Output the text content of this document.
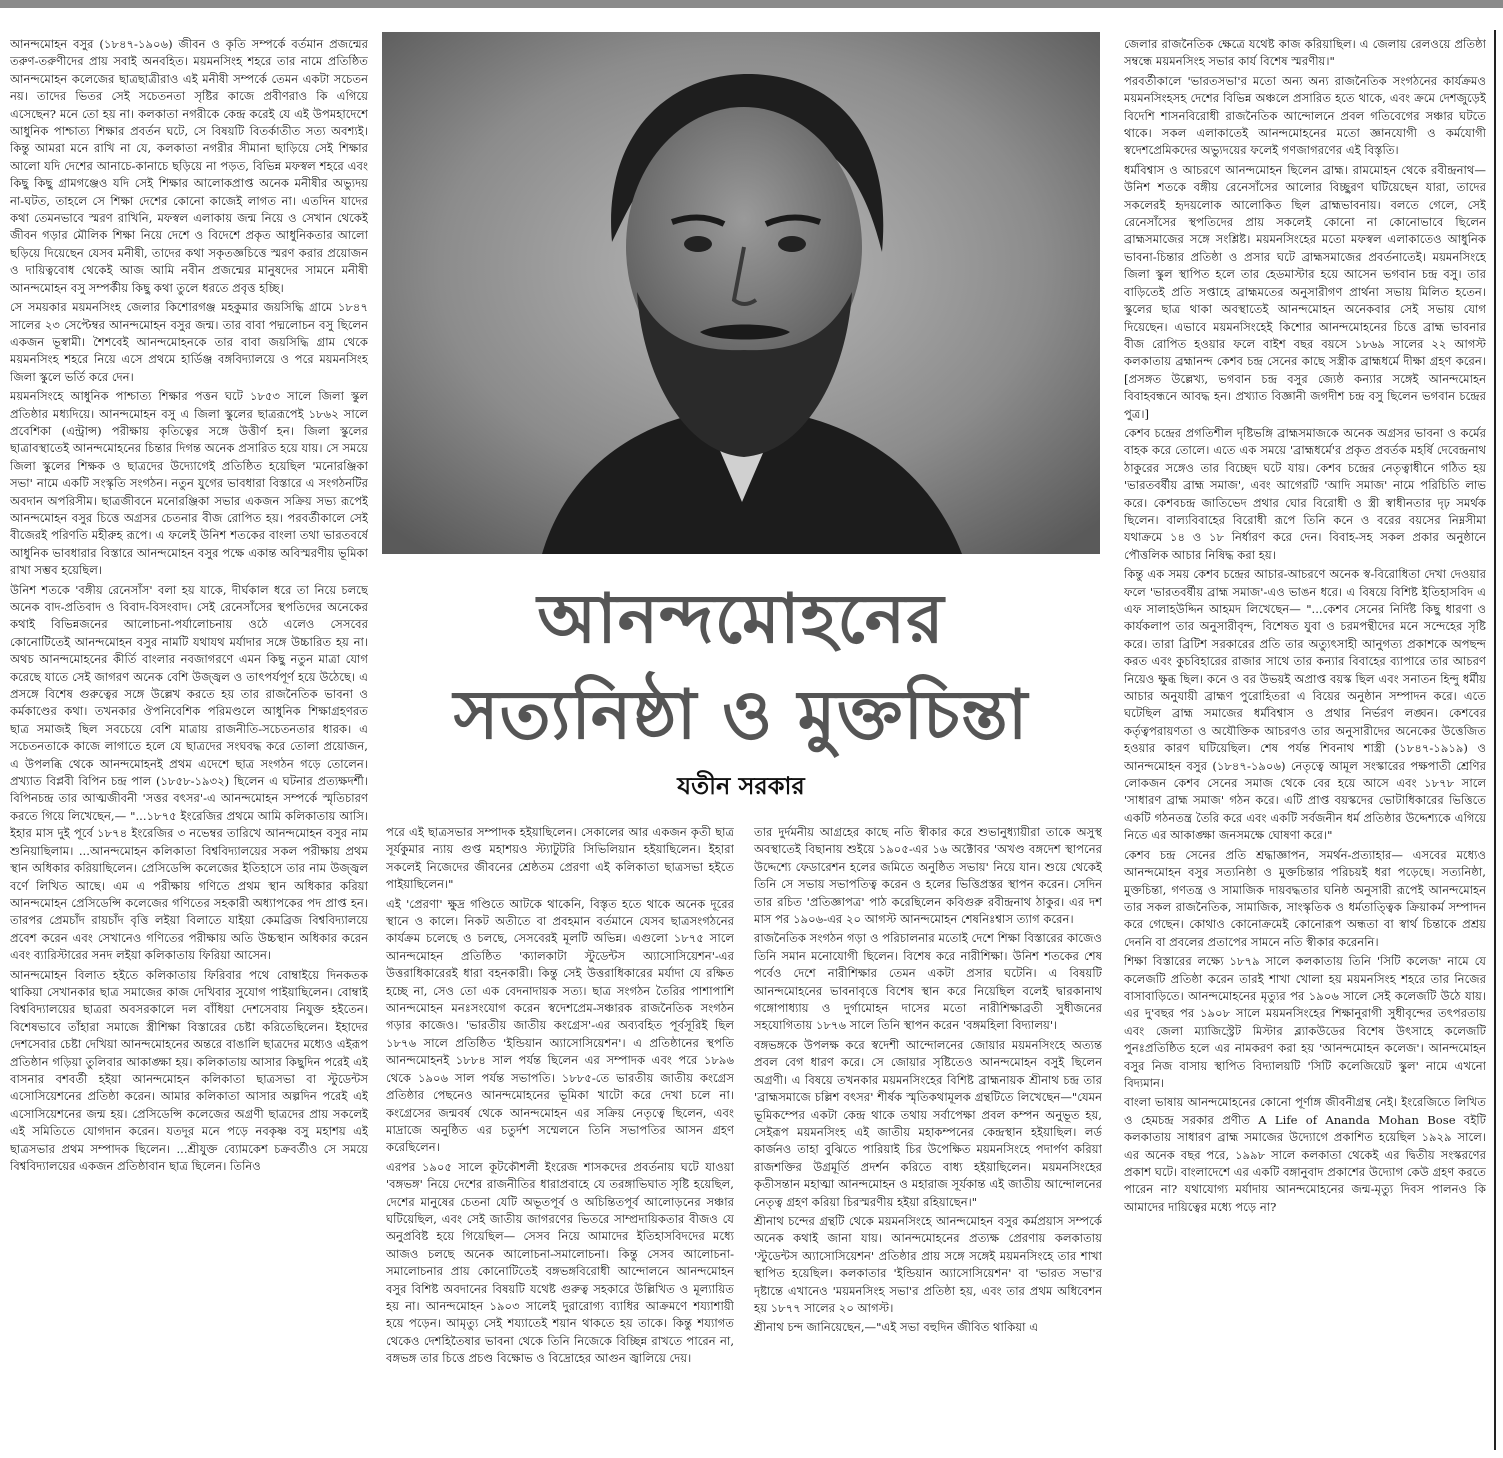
আনন্দমোহন বসুর (১৮৪৭-১৯০৬) জীবন ও কৃতি সম্পর্কে বর্তমান প্রজন্মের তরুণ-তরুণীদের প্রায় সবাই অনবহিত। ময়মনসিংহ শহরে তার নামে প্রতিষ্ঠিত আনন্দমোহন কলেজের ছাত্রছাত্রীরাও এই মনীষী সম্পর্কে তেমন একটা সচেতন নয়। তাদের ভিতর সেই সচেতনতা সৃষ্টির কাজে প্রবীণরাও কি এগিয়ে এসেছেন? মনে তো হয় না। কলকাতা নগরীকে কেন্দ্র করেই যে এই উপমহাদেশে আধুনিক পাশ্চাত্য শিক্ষার প্রবর্তন ঘটে, সে বিষয়টি বিতর্কাতীত সত্য অবশ্যই। কিন্তু আমরা মনে রাখি না যে, কলকাতা নগরীর সীমানা ছাড়িয়ে সেই শিক্ষার আলো যদি দেশের আনাচে-কানাচে ছড়িয়ে না পড়ত, বিভিন্ন মফস্বল শহরে এবং কিছু কিছু গ্রামগঞ্জেও যদি সেই শিক্ষার আলোকপ্রাপ্ত অনেক মনীষীর অভ্যুদয় না-ঘটত, তাহলে সে শিক্ষা দেশের কোনো কাজেই লাগত না। এতদিন যাদের কথা তেমনভাবে স্মরণ রাখিনি, মফস্বল এলাকায় জন্ম নিয়ে ও সেখান থেকেই জীবন গড়ার মৌলিক শিক্ষা নিয়ে দেশে ও বিদেশে প্রকৃত আধুনিকতার আলো ছড়িয়ে দিয়েছেন যেসব মনীষী, তাদের কথা সকৃতজ্ঞচিত্তে স্মরণ করার প্রয়োজন ও দায়িত্ববোধ থেকেই আজ আমি নবীন প্রজন্মের মানুষদের সামনে মনীষী আনন্দমোহন বসু সম্পর্কীয় কিছু কথা তুলে ধরতে প্রবৃত্ত হচ্ছি।

সে সময়কার ময়মনসিংহ জেলার কিশোরগঞ্জ মহকুমার জয়সিদ্ধি গ্রামে ১৮৪৭ সালের ২৩ সেপ্টেম্বর আনন্দমোহন বসুর জন্ম। তার বাবা পদ্মলোচন বসু ছিলেন একজন ভূস্বামী। শৈশবেই আনন্দমোহনকে তার বাবা জয়সিদ্ধি গ্রাম থেকে ময়মনসিংহ শহরে নিয়ে এসে প্রথমে হার্ডিঞ্জ বঙ্গবিদ্যালয়ে ও পরে ময়মনসিংহ জিলা স্কুলে ভর্তি করে দেন।

ময়মনসিংহে আধুনিক পাশ্চাত্য শিক্ষার পত্তন ঘটে ১৮৫৩ সালে জিলা স্কুল প্রতিষ্ঠার মধ্যদিয়ে। আনন্দমোহন বসু এ জিলা স্কুলের ছাত্ররূপেই ১৮৬২ সালে প্রবেশিকা (এন্ট্রান্স) পরীক্ষায় কৃতিত্বের সঙ্গে উত্তীর্ণ হন। জিলা স্কুলের ছাত্রাবস্থাতেই আনন্দমোহনের চিন্তার দিগন্ত অনেক প্রসারিত হয়ে যায়। সে সময়ে জিলা স্কুলের শিক্ষক ও ছাত্রদের উদ্যোগেই প্রতিষ্ঠিত হয়েছিল 'মনোরঞ্জিকা সভা' নামে একটি সংস্কৃতি সংগঠন। নতুন যুগের ভাবধারা বিস্তারে এ সংগঠনটির অবদান অপরিসীম। ছাত্রজীবনে মনোরঞ্জিকা সভার একজন সক্রিয় সভ্য রূপেই আনন্দমোহন বসুর চিত্তে অগ্রসর চেতনার বীজ রোপিত হয়। পরবর্তীকালে সেই বীজেরই পরিণতি মহীরুহ রূপে। এ ফলেই উনিশ শতকের বাংলা তথা ভারতবর্ষে আধুনিক ভাবধারার বিস্তারে আনন্দমোহন বসুর পক্ষে একান্ত অবিস্মরণীয় ভূমিকা রাখা সম্ভব হয়েছিল।

উনিশ শতকে 'বঙ্গীয় রেনেসাঁস' বলা হয় যাকে, দীর্ঘকাল ধরে তা নিয়ে চলছে অনেক বাদ-প্রতিবাদ ও বিবাদ-বিসংবাদ। সেই রেনেসাঁসের স্থপতিদের অনেকের কথাই বিভিন্নজনের আলোচনা-পর্যালোচনায় ওঠে এলেও সেসবের কোনোটিতেই আনন্দমোহন বসুর নামটি যথাযথ মর্যাদার সঙ্গে উচ্চারিত হয় না। অথচ আনন্দমোহনের কীর্তি বাংলার নবজাগরণে এমন কিছু নতুন মাত্রা যোগ করেছে যাতে সেই জাগরণ অনেক বেশি উজ্জ্বল ও তাৎপর্যপূর্ণ হয়ে উঠেছে। এ প্রসঙ্গে বিশেষ গুরুত্বের সঙ্গে উল্লেখ করতে হয় তার রাজনৈতিক ভাবনা ও কর্মকাণ্ডের কথা। তখনকার ঔপনিবেশিক পরিমণ্ডলে আধুনিক শিক্ষাগ্রহণরত ছাত্র সমাজই ছিল সবচেয়ে বেশি মাত্রায় রাজনীতি-সচেতনতার ধারক। এ সচেতনতাকে কাজে লাগাতে হলে যে ছাত্রদের সংঘবদ্ধ করে তোলা প্রয়োজন, এ উপলব্ধি থেকে আনন্দমোহনই প্রথম এদেশে ছাত্র সংগঠন গড়ে তোলেন। প্রখ্যাত বিপ্লবী বিপিন চন্দ্র পাল (১৮৫৮-১৯৩২) ছিলেন এ ঘটনার প্রত্যক্ষদর্শী। বিপিনচন্দ্র তার আত্মজীবনী 'সত্তর বৎসর'-এ আনন্দমোহন সম্পর্কে স্মৃতিচারণ করতে গিয়ে লিখেছেন,— "...১৮৭৫ ইংরেজির প্রথমে আমি কলিকাতায় আসি। ইহার মাস দুই পূর্বে ১৮৭৪ ইংরেজির ৩ নভেম্বর তারিখে আনন্দমোহন বসুর নাম শুনিয়াছিলাম। ...আনন্দমোহন কলিকাতা বিশ্ববিদ্যালয়ের সকল পরীক্ষায় প্রথম স্থান অধিকার করিয়াছিলেন। প্রেসিডেন্সি কলেজের ইতিহাসে তার নাম উজ্জ্বল বর্ণে লিখিত আছে। এম এ পরীক্ষায় গণিতে প্রথম স্থান অধিকার করিয়া আনন্দমোহন প্রেসিডেন্সি কলেজের গণিতের সহকারী অধ্যাপকের পদ প্রাপ্ত হন। তারপর প্রেমচাঁদ রায়চাঁদ বৃত্তি লইয়া বিলাতে যাইয়া কেমব্রিজ বিশ্ববিদ্যালয়ে প্রবেশ করেন এবং সেখানেও গণিতের পরীক্ষায় অতি উচ্চস্থান অধিকার করেন এবং ব্যারিস্টারের সনদ লইয়া কলিকাতায় ফিরিয়া আসেন।

আনন্দমোহন বিলাত হইতে কলিকাতায় ফিরিবার পথে বোম্বাইয়ে দিনকতক থাকিয়া সেখানকার ছাত্র সমাজের কাজ দেখিবার সুযোগ পাইয়াছিলেন। বোম্বাই বিশ্ববিদ্যালয়ের ছাত্ররা অবসরকালে দল বাঁধিয়া দেশসেবায় নিযুক্ত হইতেন। বিশেষভাবে তাঁহারা সমাজে স্ত্রীশিক্ষা বিস্তারের চেষ্টা করিতেছিলেন। ইহাদের দেশসেবার চেষ্টা দেখিয়া আনন্দমোহনের অন্তরে বাঙালি ছাত্রদের মধ্যেও এইরূপ প্রতিষ্ঠান গড়িয়া তুলিবার আকাঙ্ক্ষা হয়। কলিকাতায় আসার কিছুদিন পরেই এই বাসনার বশবর্তী হইয়া আনন্দমোহন কলিকাতা ছাত্রসভা বা স্টুডেন্টস এসোসিয়েশনের প্রতিষ্ঠা করেন। আমার কলিকাতা আসার অল্পদিন পরেই এই এসোসিয়েশনের জন্ম হয়। প্রেসিডেন্সি কলেজের অগ্রণী ছাত্রদের প্রায় সকলেই এই সমিতিতে যোগদান করেন। যতদূর মনে পড়ে নবকৃষ্ণ বসু মহাশয় এই ছাত্রসভার প্রথম সম্পাদক ছিলেন। ...শ্রীযুক্ত ব্যোমকেশ চক্রবর্তীও সে সময়ে বিশ্ববিদ্যালয়ের একজন প্রতিষ্ঠাবান ছাত্র ছিলেন। তিনিও

আনন্দমোহনের
সত্যনিষ্ঠা ও মুক্তচিন্তা
যতীন সরকার

পরে এই ছাত্রসভার সম্পাদক হইয়াছিলেন। সেকালের আর একজন কৃতী ছাত্র সূর্যকুমার ন্যায় গুপ্ত মহাশয়ও স্ট্যাটুটরি সিভিলিয়ান হইয়াছিলেন। ইহারা সকলেই নিজেদের জীবনের শ্রেষ্ঠতম প্রেরণা এই কলিকাতা ছাত্রসভা হইতে পাইয়াছিলেন।"

এই 'প্রেরণা' ক্ষুদ্র গণ্ডিতে আটকে থাকেনি, বিস্তৃত হতে থাকে অনেক দূরের স্থানে ও কালে। নিকট অতীতে বা প্রবহমান বর্তমানে যেসব ছাত্রসংগঠনের কার্যক্রম চলেছে ও চলছে, সেসবেরই মূলটি অভিন্ন। এগুলো ১৮৭৫ সালে আনন্দমোহন প্রতিষ্ঠিত 'ক্যালকাটা স্টুডেন্টস অ্যাসোসিয়েশন'-এর উত্তরাধিকারেরই ধারা বহনকারী। কিন্তু সেই উত্তরাধিকারের মর্যাদা যে রক্ষিত হচ্ছে না, সেও তো এক বেদনাদায়ক সত্য। ছাত্র সংগঠন তৈরির পাশাপাশি আনন্দমোহন মনঃসংযোগ করেন স্বদেশপ্রেম-সঞ্চারক রাজনৈতিক সংগঠন গড়ার কাজেও। 'ভারতীয় জাতীয় কংগ্রেস'-এর অব্যবহিত পূর্বসূরিই ছিল ১৮৭৬ সালে প্রতিষ্ঠিত 'ইন্ডিয়ান অ্যাসোসিয়েশন'। এ প্রতিষ্ঠানের স্থপতি আনন্দমোহনই ১৮৮৪ সাল পর্যন্ত ছিলেন এর সম্পাদক এবং পরে ১৮৯৬ থেকে ১৯০৬ সাল পর্যন্ত সভাপতি। ১৮৮৫-তে ভারতীয় জাতীয় কংগ্রেস প্রতিষ্ঠার পেছনেও আনন্দমোহনের ভূমিকা খাটো করে দেখা চলে না। কংগ্রেসের জন্মবর্ষ থেকে আনন্দমোহন এর সক্রিয় নেতৃত্বে ছিলেন, এবং মাদ্রাজে অনুষ্ঠিত এর চতুর্দশ সম্মেলনে তিনি সভাপতির আসন গ্রহণ করেছিলেন।

এরপর ১৯০৫ সালে কূটকৌশলী ইংরেজ শাসকদের প্রবর্তনায় ঘটে যাওয়া 'বঙ্গভঙ্গ' নিয়ে দেশের রাজনীতির ধারাপ্রবাহে যে তরঙ্গাভিঘাত সৃষ্টি হয়েছিল, দেশের মানুষের চেতনা যেটি অভূতপূর্ব ও অচিন্তিতপূর্ব আলোড়নের সঞ্চার ঘটিয়েছিল, এবং সেই জাতীয় জাগরণের ভিতরে সাম্প্রদায়িকতার বীজও যে অনুপ্রবিষ্ট হয়ে গিয়েছিল— সেসব নিয়ে আমাদের ইতিহাসবিদদের মধ্যে আজও চলছে অনেক আলোচনা-সমালোচনা। কিন্তু সেসব আলোচনা-সমালোচনার প্রায় কোনোটিতেই বঙ্গভঙ্গবিরোধী আন্দোলনে আনন্দমোহন বসুর বিশিষ্ট অবদানের বিষয়টি যথেষ্ট গুরুত্ব সহকারে উল্লিখিত ও মূল্যায়িত হয় না। আনন্দমোহন ১৯০৩ সালেই দুরারোগ্য ব্যাধির আক্রমণে শয্যাশায়ী হয়ে পড়েন। আমৃত্যু সেই শয্যাতেই শয়ান থাকতে হয় তাকে। কিন্তু শয্যাগত থেকেও দেশহিতৈষার ভাবনা থেকে তিনি নিজেকে বিচ্ছিন্ন রাখতে পারেন না, বঙ্গভঙ্গ তার চিত্তে প্রচণ্ড বিক্ষোভ ও বিদ্রোহের আগুন জ্বালিয়ে দেয়।

তার দুর্দমনীয় আগ্রহের কাছে নতি স্বীকার করে শুভানুধ্যায়ীরা তাকে অসুস্থ অবস্থাতেই বিছানায় শুইয়ে ১৯০৫-এর ১৬ অক্টোবর 'অখণ্ড বঙ্গদেশ স্থাপনের উদ্দেশ্যে ফেডারেশন হলের জমিতে অনুষ্ঠিত সভায়' নিয়ে যান। শুয়ে থেকেই তিনি সে সভায় সভাপতিত্ব করেন ও হলের ভিত্তিপ্রস্তর স্থাপন করেন। সেদিন তার রচিত 'প্রতিজ্ঞাপত্র' পাঠ করেছিলেন কবিগুরু রবীন্দ্রনাথ ঠাকুর। এর দশ মাস পর ১৯০৬-এর ২০ আগস্ট আনন্দমোহন শেষনিঃশ্বাস ত্যাগ করেন।

রাজনৈতিক সংগঠন গড়া ও পরিচালনার মতোই দেশে শিক্ষা বিস্তারের কাজেও তিনি সমান মনোযোগী ছিলেন। বিশেষ করে নারীশিক্ষা। উনিশ শতকের শেষ পর্বেও দেশে নারীশিক্ষার তেমন একটা প্রসার ঘটেনি। এ বিষয়টি আনন্দমোহনের ভাবনাবৃত্তে বিশেষ স্থান করে নিয়েছিল বলেই দ্বারকানাথ গঙ্গোপাধ্যায় ও দুর্গামোহন দাসের মতো নারীশিক্ষাব্রতী সুধীজনের সহযোগিতায় ১৮৭৬ সালে তিনি স্থাপন করেন 'বঙ্গমহিলা বিদ্যালয়'।

বঙ্গভঙ্গকে উপলক্ষ করে স্বদেশী আন্দোলনের জোয়ার ময়মনসিংহে অত্যন্ত প্রবল বেগ ধারণ করে। সে জোয়ার সৃষ্টিতেও আনন্দমোহন বসুই ছিলেন অগ্রণী। এ বিষয়ে তখনকার ময়মনসিংহের বিশিষ্ট ব্রাহ্মনায়ক শ্রীনাথ চন্দ্র তার 'ব্রাহ্মসমাজে চল্লিশ বৎসর' শীর্ষক স্মৃতিকথামূলক গ্রন্থটিতে লিখেছেন—"যেমন ভূমিকম্পের একটা কেন্দ্র থাকে তথায় সর্বাপেক্ষা প্রবল কম্পন অনুভূত হয়, সেইরূপ ময়মনসিংহ এই জাতীয় মহাকম্পনের কেন্দ্রস্থান হইয়াছিল। লর্ড কার্জনও তাহা বুঝিতে পারিয়াই চির উপেক্ষিত ময়মনসিংহে পদার্পণ করিয়া রাজশক্তির উগ্রমূর্তি প্রদর্শন করিতে বাধ্য হইয়াছিলেন। ময়মনসিংহের কৃতীসন্তান মহাত্মা আনন্দমোহন ও মহারাজ সূর্যকান্ত এই জাতীয় আন্দোলনের নেতৃত্ব গ্রহণ করিয়া চিরস্মরণীয় হইয়া রহিয়াছেন।"

শ্রীনাথ চন্দের গ্রন্থটি থেকে ময়মনসিংহে আনন্দমোহন বসুর কর্মপ্রয়াস সম্পর্কে অনেক কথাই জানা যায়। আনন্দমোহনের প্রত্যক্ষ প্রেরণায় কলকাতায় 'স্টুডেন্টস অ্যাসোসিয়েশন' প্রতিষ্ঠার প্রায় সঙ্গে সঙ্গেই ময়মনসিংহে তার শাখা স্থাপিত হয়েছিল। কলকাতার 'ইন্ডিয়ান অ্যাসোসিয়েশন' বা 'ভারত সভা'র দৃষ্টান্তে এখানেও 'ময়মনসিংহ সভা'র প্রতিষ্ঠা হয়, এবং তার প্রথম অধিবেশন হয় ১৮৭৭ সালের ২০ আগস্ট।

শ্রীনাথ চন্দ জানিয়েছেন,—"এই সভা বহুদিন জীবিত থাকিয়া এ

জেলার রাজনৈতিক ক্ষেত্রে যথেষ্ট কাজ করিয়াছিল। এ জেলায় রেলওয়ে প্রতিষ্ঠা সম্বন্ধে ময়মনসিংহ সভার কার্য বিশেষ স্মরণীয়।"

পরবর্তীকালে 'ভারতসভা'র মতো অন্য অন্য রাজনৈতিক সংগঠনের কার্যক্রমও ময়মনসিংহসহ দেশের বিভিন্ন অঞ্চলে প্রসারিত হতে থাকে, এবং ক্রমে দেশজুড়েই বিদেশি শাসনবিরোধী রাজনৈতিক আন্দোলনে প্রবল গতিবেগের সঞ্চার ঘটতে থাকে। সকল এলাকাতেই আনন্দমোহনের মতো জ্ঞানযোগী ও কর্মযোগী স্বদেশপ্রেমিকদের অভ্যুদয়ের ফলেই গণজাগরণের এই বিস্তৃতি।

ধর্মবিশ্বাস ও আচরণে আনন্দমোহন ছিলেন ব্রাহ্ম। রামমোহন থেকে রবীন্দ্রনাথ— উনিশ শতকে বঙ্গীয় রেনেসাঁসের আলোর বিচ্ছুরণ ঘটিয়েছেন যারা, তাদের সকলেরই হৃদয়লোক আলোকিত ছিল ব্রাহ্মভাবনায়। বলতে গেলে, সেই রেনেসাঁসের স্থপতিদের প্রায় সকলেই কোনো না কোনোভাবে ছিলেন ব্রাহ্মসমাজের সঙ্গে সংশ্লিষ্ট। ময়মনসিংহের মতো মফস্বল এলাকাতেও আধুনিক ভাবনা-চিন্তার প্রতিষ্ঠা ও প্রসার ঘটে ব্রাহ্মসমাজের প্রবর্তনাতেই। ময়মনসিংহে জিলা স্কুল স্থাপিত হলে তার হেডমাস্টার হয়ে আসেন ভগবান চন্দ্র বসু। তার বাড়িতেই প্রতি সপ্তাহে ব্রাহ্মমতের অনুসারীগণ প্রার্থনা সভায় মিলিত হতেন। স্কুলের ছাত্র থাকা অবস্থাতেই আনন্দমোহন অনেকবার সেই সভায় যোগ দিয়েছেন। এভাবে ময়মনসিংহেই কিশোর আনন্দমোহনের চিত্তে ব্রাহ্ম ভাবনার বীজ রোপিত হওয়ার ফলে বাইশ বছর বয়সে ১৮৬৯ সালের ২২ আগস্ট কলকাতায় ব্রহ্মানন্দ কেশব চন্দ্র সেনের কাছে সস্ত্রীক ব্রাহ্মধর্মে দীক্ষা গ্রহণ করেন। [প্রসঙ্গত উল্লেখ্য, ভগবান চন্দ্র বসুর জ্যেষ্ঠ কন্যার সঙ্গেই আনন্দমোহন বিবাহবন্ধনে আবদ্ধ হন। প্রখ্যাত বিজ্ঞানী জগদীশ চন্দ্র বসু ছিলেন ভগবান চন্দ্রের পুত্র।]

কেশব চন্দ্রের প্রগতিশীল দৃষ্টিভঙ্গি ব্রাহ্মসমাজকে অনেক অগ্রসর ভাবনা ও কর্মের বাহক করে তোলে। এতে এক সময়ে 'ব্রাহ্মধর্মে'র প্রকৃত প্রবর্তক মহর্ষি দেবেন্দ্রনাথ ঠাকুরের সঙ্গেও তার বিচ্ছেদ ঘটে যায়। কেশব চন্দ্রের নেতৃত্বাধীনে গঠিত হয় 'ভারতবর্ষীয় ব্রাহ্ম সমাজ', এবং আগেরটি 'আদি সমাজ' নামে পরিচিতি লাভ করে। কেশবচন্দ্র জাতিভেদ প্রথার ঘোর বিরোধী ও স্ত্রী স্বাধীনতার দৃঢ় সমর্থক ছিলেন। বাল্যবিবাহের বিরোধী রূপে তিনি কনে ও বরের বয়সের নিম্নসীমা যথাক্রমে ১৪ ও ১৮ নির্ধারণ করে দেন। বিবাহ-সহ সকল প্রকার অনুষ্ঠানে পৌত্তলিক আচার নিষিদ্ধ করা হয়।

কিন্তু এক সময় কেশব চন্দ্রের আচার-আচরণে অনেক স্ব-বিরোধিতা দেখা দেওয়ার ফলে 'ভারতবর্ষীয় ব্রাহ্ম সমাজ'-এও ভাঙন ধরে। এ বিষয়ে বিশিষ্ট ইতিহাসবিদ এ এফ সালাহউদ্দিন আহমদ লিখেছেন— "...কেশব সেনের নির্দিষ্ট কিছু ধারণা ও কার্যকলাপ তার অনুসারীবৃন্দ, বিশেষত যুবা ও চরমপন্থীদের মনে সন্দেহের সৃষ্টি করে। তারা ব্রিটিশ সরকারের প্রতি তার অত্যুৎসাহী আনুগত্য প্রকাশকে অপছন্দ করত এবং কুচবিহারের রাজার সাথে তার কন্যার বিবাহের ব্যাপারে তার আচরণ নিয়েও ক্ষুব্ধ ছিল। কনে ও বর উভয়ই অপ্রাপ্ত বয়স্ক ছিল এবং সনাতন হিন্দু ধর্মীয় আচার অনুযায়ী ব্রাহ্মণ পুরোহিতরা এ বিয়ের অনুষ্ঠান সম্পাদন করে। এতে ঘটেছিল ব্রাহ্ম সমাজের ধর্মবিশ্বাস ও প্রথার নির্ভরণ লঙ্ঘন। কেশবের কর্তৃত্বপরায়ণতা ও অযৌক্তিক আচরণও তার অনুসারীদের অনেকের উত্তেজিত হওয়ার কারণ ঘটিয়েছিল। শেষ পর্যন্ত শিবনাথ শাস্ত্রী (১৮৪৭-১৯১৯) ও আনন্দমোহন বসুর (১৮৪৭-১৯০৬) নেতৃত্বে আমূল সংস্কারের পক্ষপাতী শ্রেণির লোকজন কেশব সেনের সমাজ থেকে বের হয়ে আসে এবং ১৮৭৮ সালে 'সাধারণ ব্রাহ্ম সমাজ' গঠন করে। এটি প্রাপ্ত বয়স্কদের ভোটাধিকারের ভিত্তিতে একটি গঠনতন্ত্র তৈরি করে এবং একটি সর্বজনীন ধর্ম প্রতিষ্ঠার উদ্দেশ্যকে এগিয়ে নিতে এর আকাঙ্ক্ষা জনসমক্ষে ঘোষণা করে।"

কেশব চন্দ্র সেনের প্রতি শ্রদ্ধাজ্ঞাপন, সমর্থন-প্রত্যাহার— এসবের মধ্যেও আনন্দমোহন বসুর সত্যনিষ্ঠা ও মুক্তচিন্তার পরিচয়ই ধরা পড়েছে। সত্যনিষ্ঠা, মুক্তচিন্তা, গণতন্ত্র ও সামাজিক দায়বদ্ধতার ঘনিষ্ঠ অনুসারী রূপেই আনন্দমোহন তার সকল রাজনৈতিক, সামাজিক, সাংস্কৃতিক ও ধর্মতাত্ত্বিক ক্রিয়াকর্ম সম্পাদন করে গেছেন। কোথাও কোনোক্রমেই কোনোরূপ অন্ধতা বা স্বার্থ চিন্তাকে প্রশ্রয় দেননি বা প্রবলের প্রতাপের সামনে নতি স্বীকার করেননি।

শিক্ষা বিস্তারের লক্ষ্যে ১৮৭৯ সালে কলকাতায় তিনি 'সিটি কলেজ' নামে যে কলেজটি প্রতিষ্ঠা করেন তারই শাখা খোলা হয় ময়মনসিংহ শহরে তার নিজের বাসাবাড়িতে। আনন্দমোহনের মৃত্যুর পর ১৯০৬ সালে সেই কলেজটি উঠে যায়। এর দু'বছর পর ১৯০৮ সালে ময়মনসিংহের শিক্ষানুরাগী সুধীবৃন্দের তৎপরতায় এবং জেলা ম্যাজিস্ট্রেট মিস্টার ব্ল্যাকউডের বিশেষ উৎসাহে কলেজটি পুনঃপ্রতিষ্ঠিত হলে এর নামকরণ করা হয় 'আনন্দমোহন কলেজ'। আনন্দমোহন বসুর নিজ বাসায় স্থাপিত বিদ্যালয়টি 'সিটি কলেজিয়েট স্কুল' নামে এখনো বিদ্যমান।

বাংলা ভাষায় আনন্দমোহনের কোনো পূর্ণাঙ্গ জীবনীগ্রন্থ নেই। ইংরেজিতে লিখিত ও হেমচন্দ্র সরকার প্রণীত A Life of Ananda Mohan Bose বইটি কলকাতায় সাধারণ ব্রাহ্ম সমাজের উদ্যোগে প্রকাশিত হয়েছিল ১৯২৯ সালে। এর অনেক বছর পরে, ১৯৯৮ সালে কলকাতা থেকেই এর দ্বিতীয় সংস্করণের প্রকাশ ঘটে। বাংলাদেশে এর একটি বঙ্গানুবাদ প্রকাশের উদ্যোগ কেউ গ্রহণ করতে পারেন না? যথাযোগ্য মর্যাদায় আনন্দমোহনের জন্ম-মৃত্যু দিবস পালনও কি আমাদের দায়িত্বের মধ্যে পড়ে না?
